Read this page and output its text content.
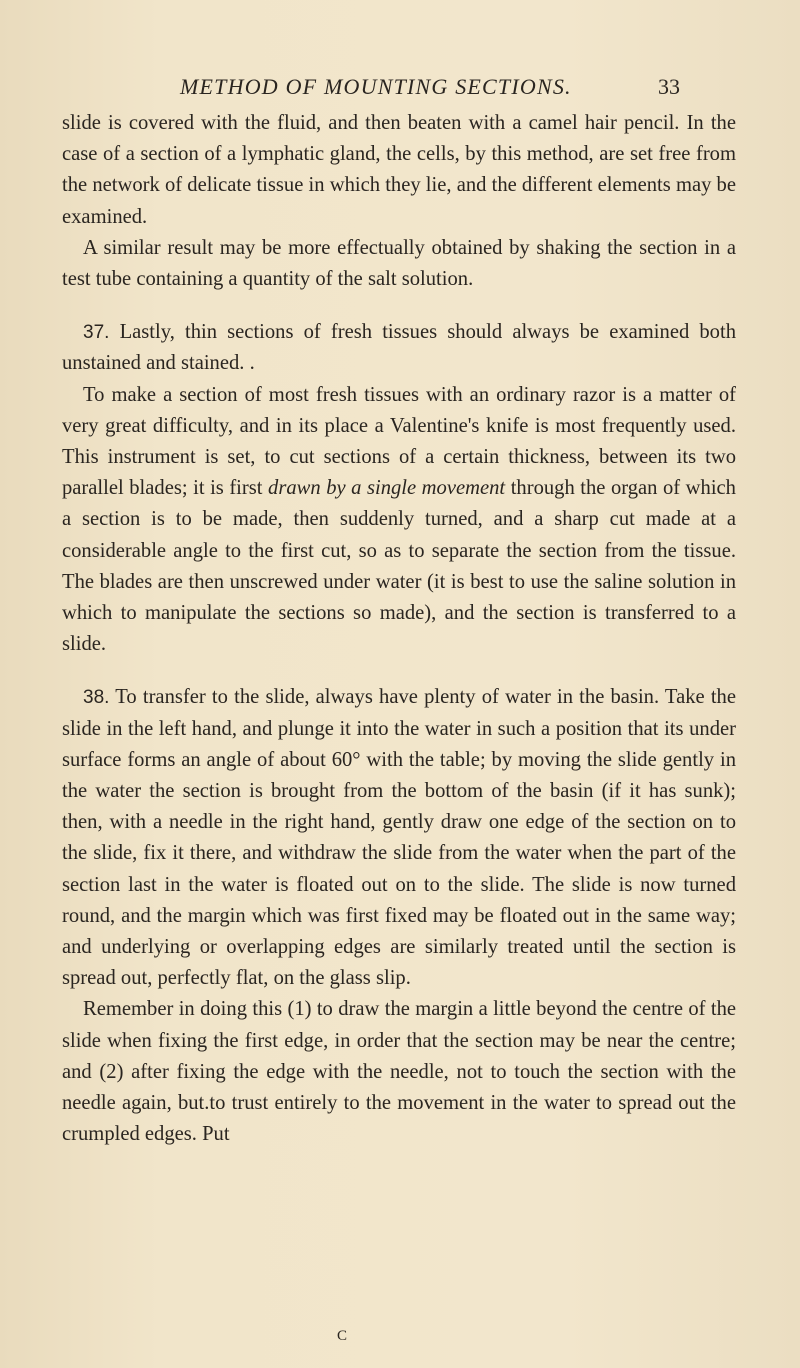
METHOD OF MOUNTING SECTIONS.	33

slide is covered with the fluid, and then beaten with a camel hair pencil. In the case of a section of a lymphatic gland, the cells, by this method, are set free from the network of delicate tissue in which they lie, and the different elements may be examined.

A similar result may be more effectually obtained by shaking the section in a test tube containing a quantity of the salt solution.

37. Lastly, thin sections of fresh tissues should always be examined both unstained and stained. .

To make a section of most fresh tissues with an ordinary razor is a matter of very great difficulty, and in its place a Valentine's knife is most frequently used. This instrument is set, to cut sections of a certain thickness, between its two parallel blades; it is first drawn by a single movement through the organ of which a section is to be made, then suddenly turned, and a sharp cut made at a considerable angle to the first cut, so as to separate the section from the tissue. The blades are then unscrewed under water (it is best to use the saline solution in which to manipulate the sections so made), and the section is transferred to a slide.

38. To transfer to the slide, always have plenty of water in the basin. Take the slide in the left hand, and plunge it into the water in such a position that its under surface forms an angle of about 60° with the table; by moving the slide gently in the water the section is brought from the bottom of the basin (if it has sunk); then, with a needle in the right hand, gently draw one edge of the section on to the slide, fix it there, and withdraw the slide from the water when the part of the section last in the water is floated out on to the slide. The slide is now turned round, and the margin which was first fixed may be floated out in the same way; and underlying or overlapping edges are similarly treated until the section is spread out, perfectly flat, on the glass slip.

Remember in doing this (1) to draw the margin a little beyond the centre of the slide when fixing the first edge, in order that the section may be near the centre; and (2) after fixing the edge with the needle, not to touch the section with the needle again, but.to trust entirely to the movement in the water to spread out the crumpled edges. Put

C
